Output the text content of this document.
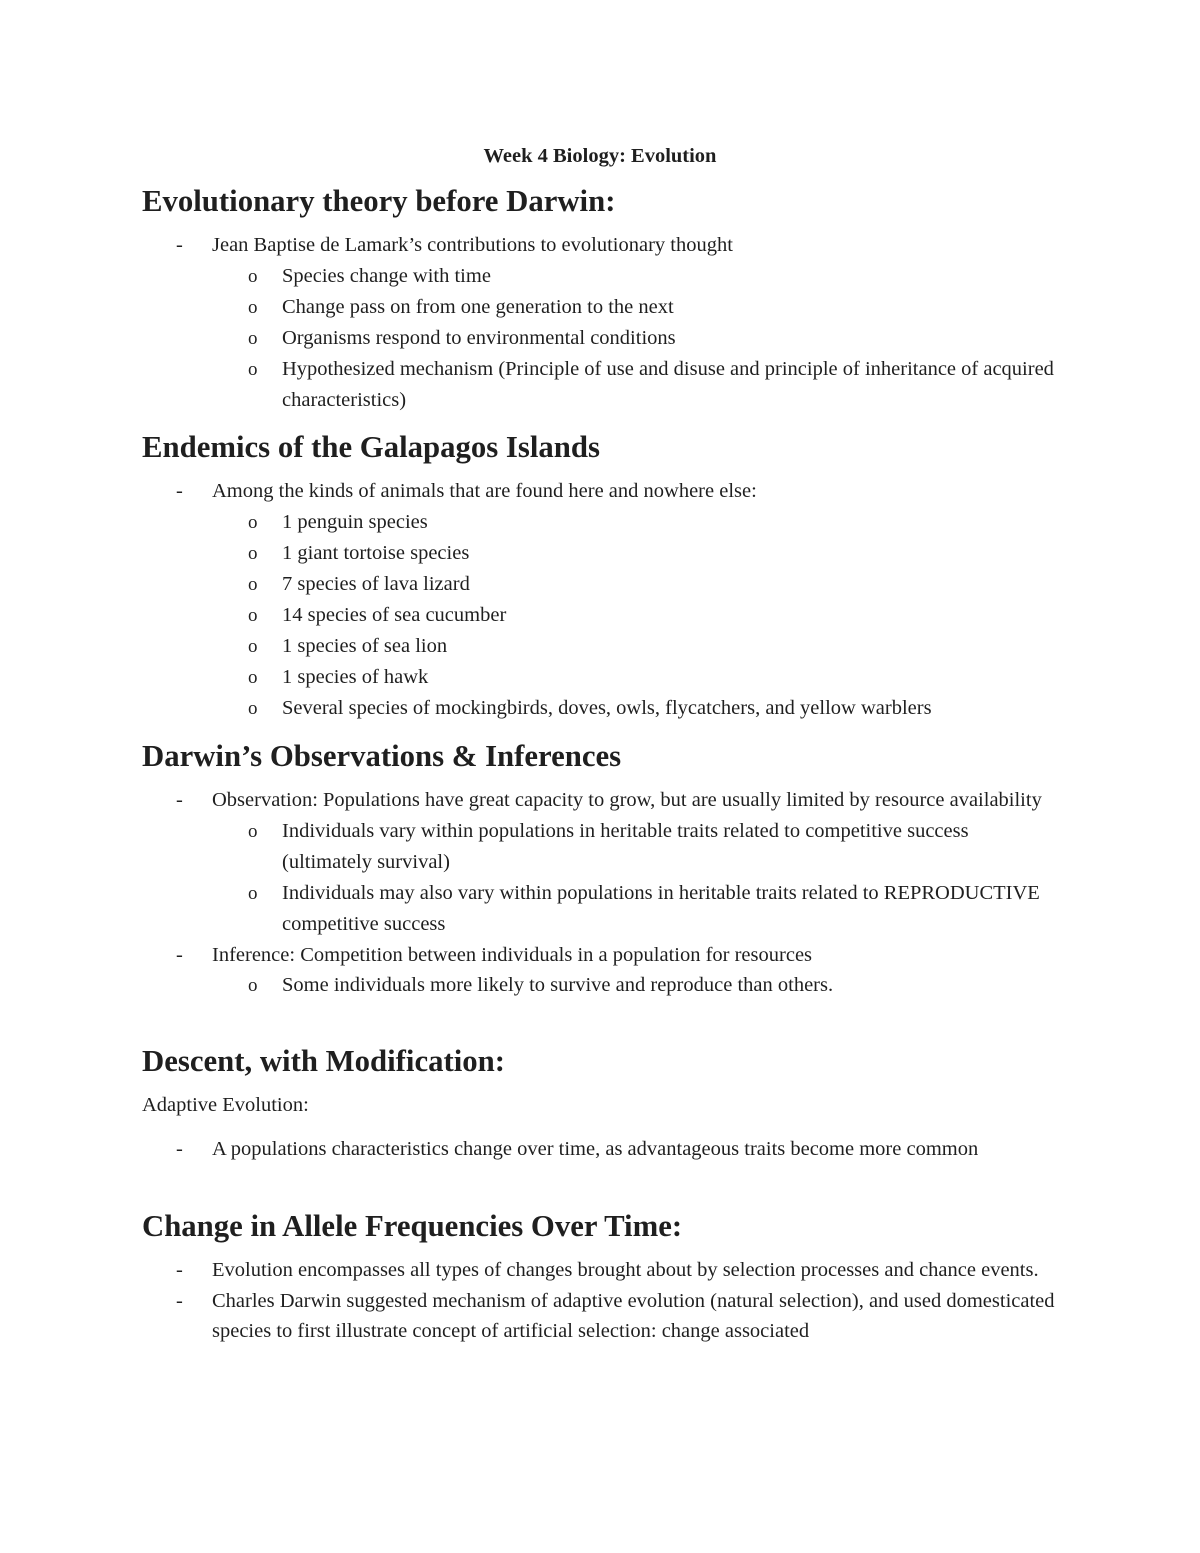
Week 4 Biology: Evolution
Evolutionary theory before Darwin:
- Jean Baptise de Lamark’s contributions to evolutionary thought
o Species change with time
o Change pass on from one generation to the next
o Organisms respond to environmental conditions
o Hypothesized mechanism (Principle of use and disuse and principle of inheritance of acquired characteristics)
Endemics of the Galapagos Islands
- Among the kinds of animals that are found here and nowhere else:
o 1 penguin species
o 1 giant tortoise species
o 7 species of lava lizard
o 14 species of sea cucumber
o 1 species of sea lion
o 1 species of hawk
o Several species of mockingbirds, doves, owls, flycatchers, and yellow warblers
Darwin’s Observations & Inferences
- Observation: Populations have great capacity to grow, but are usually limited by resource availability
o Individuals vary within populations in heritable traits related to competitive success (ultimately survival)
o Individuals may also vary within populations in heritable traits related to REPRODUCTIVE competitive success
- Inference: Competition between individuals in a population for resources
o Some individuals more likely to survive and reproduce than others.
Descent, with Modification:

Adaptive Evolution:

- A populations characteristics change over time, as advantageous traits become more common
Change in Allele Frequencies Over Time:
- Evolution encompasses all types of changes brought about by selection processes and chance events.
- Charles Darwin suggested mechanism of adaptive evolution (natural selection), and used domesticated species to first illustrate concept of artificial selection: change associated
